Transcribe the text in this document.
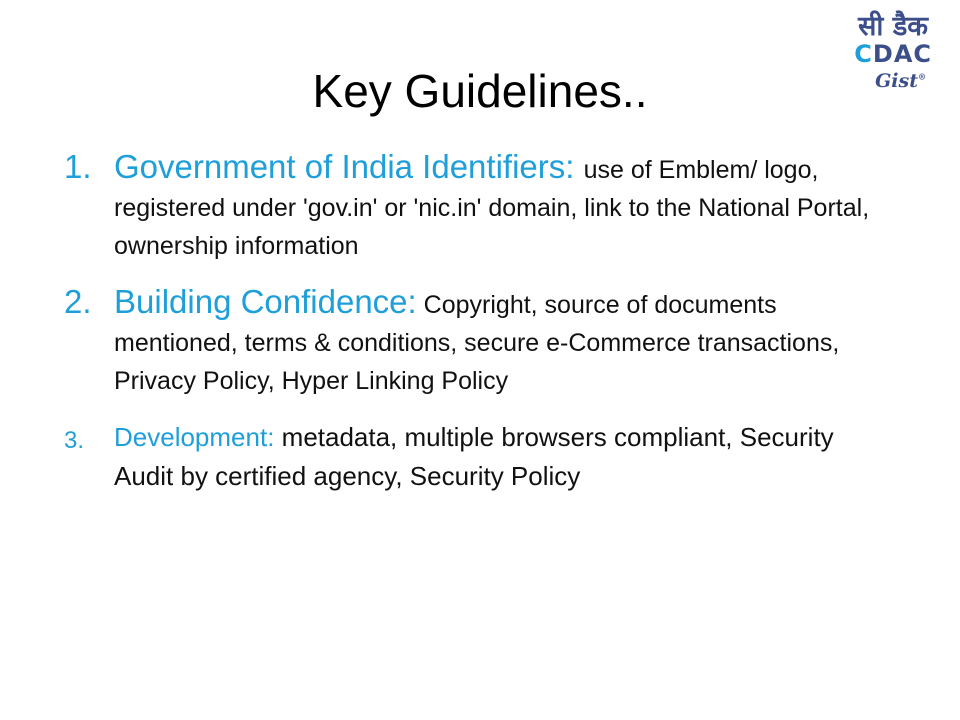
सी डैक
CDAC
Gist®
Key Guidelines..
1. Government of India Identifiers: use of Emblem/ logo, registered under 'gov.in' or 'nic.in' domain, link to the National Portal, ownership information
2. Building Confidence: Copyright, source of documents mentioned, terms & conditions, secure e-Commerce transactions, Privacy Policy, Hyper Linking Policy
3. Development: metadata, multiple browsers compliant, Security Audit by certified agency, Security Policy
